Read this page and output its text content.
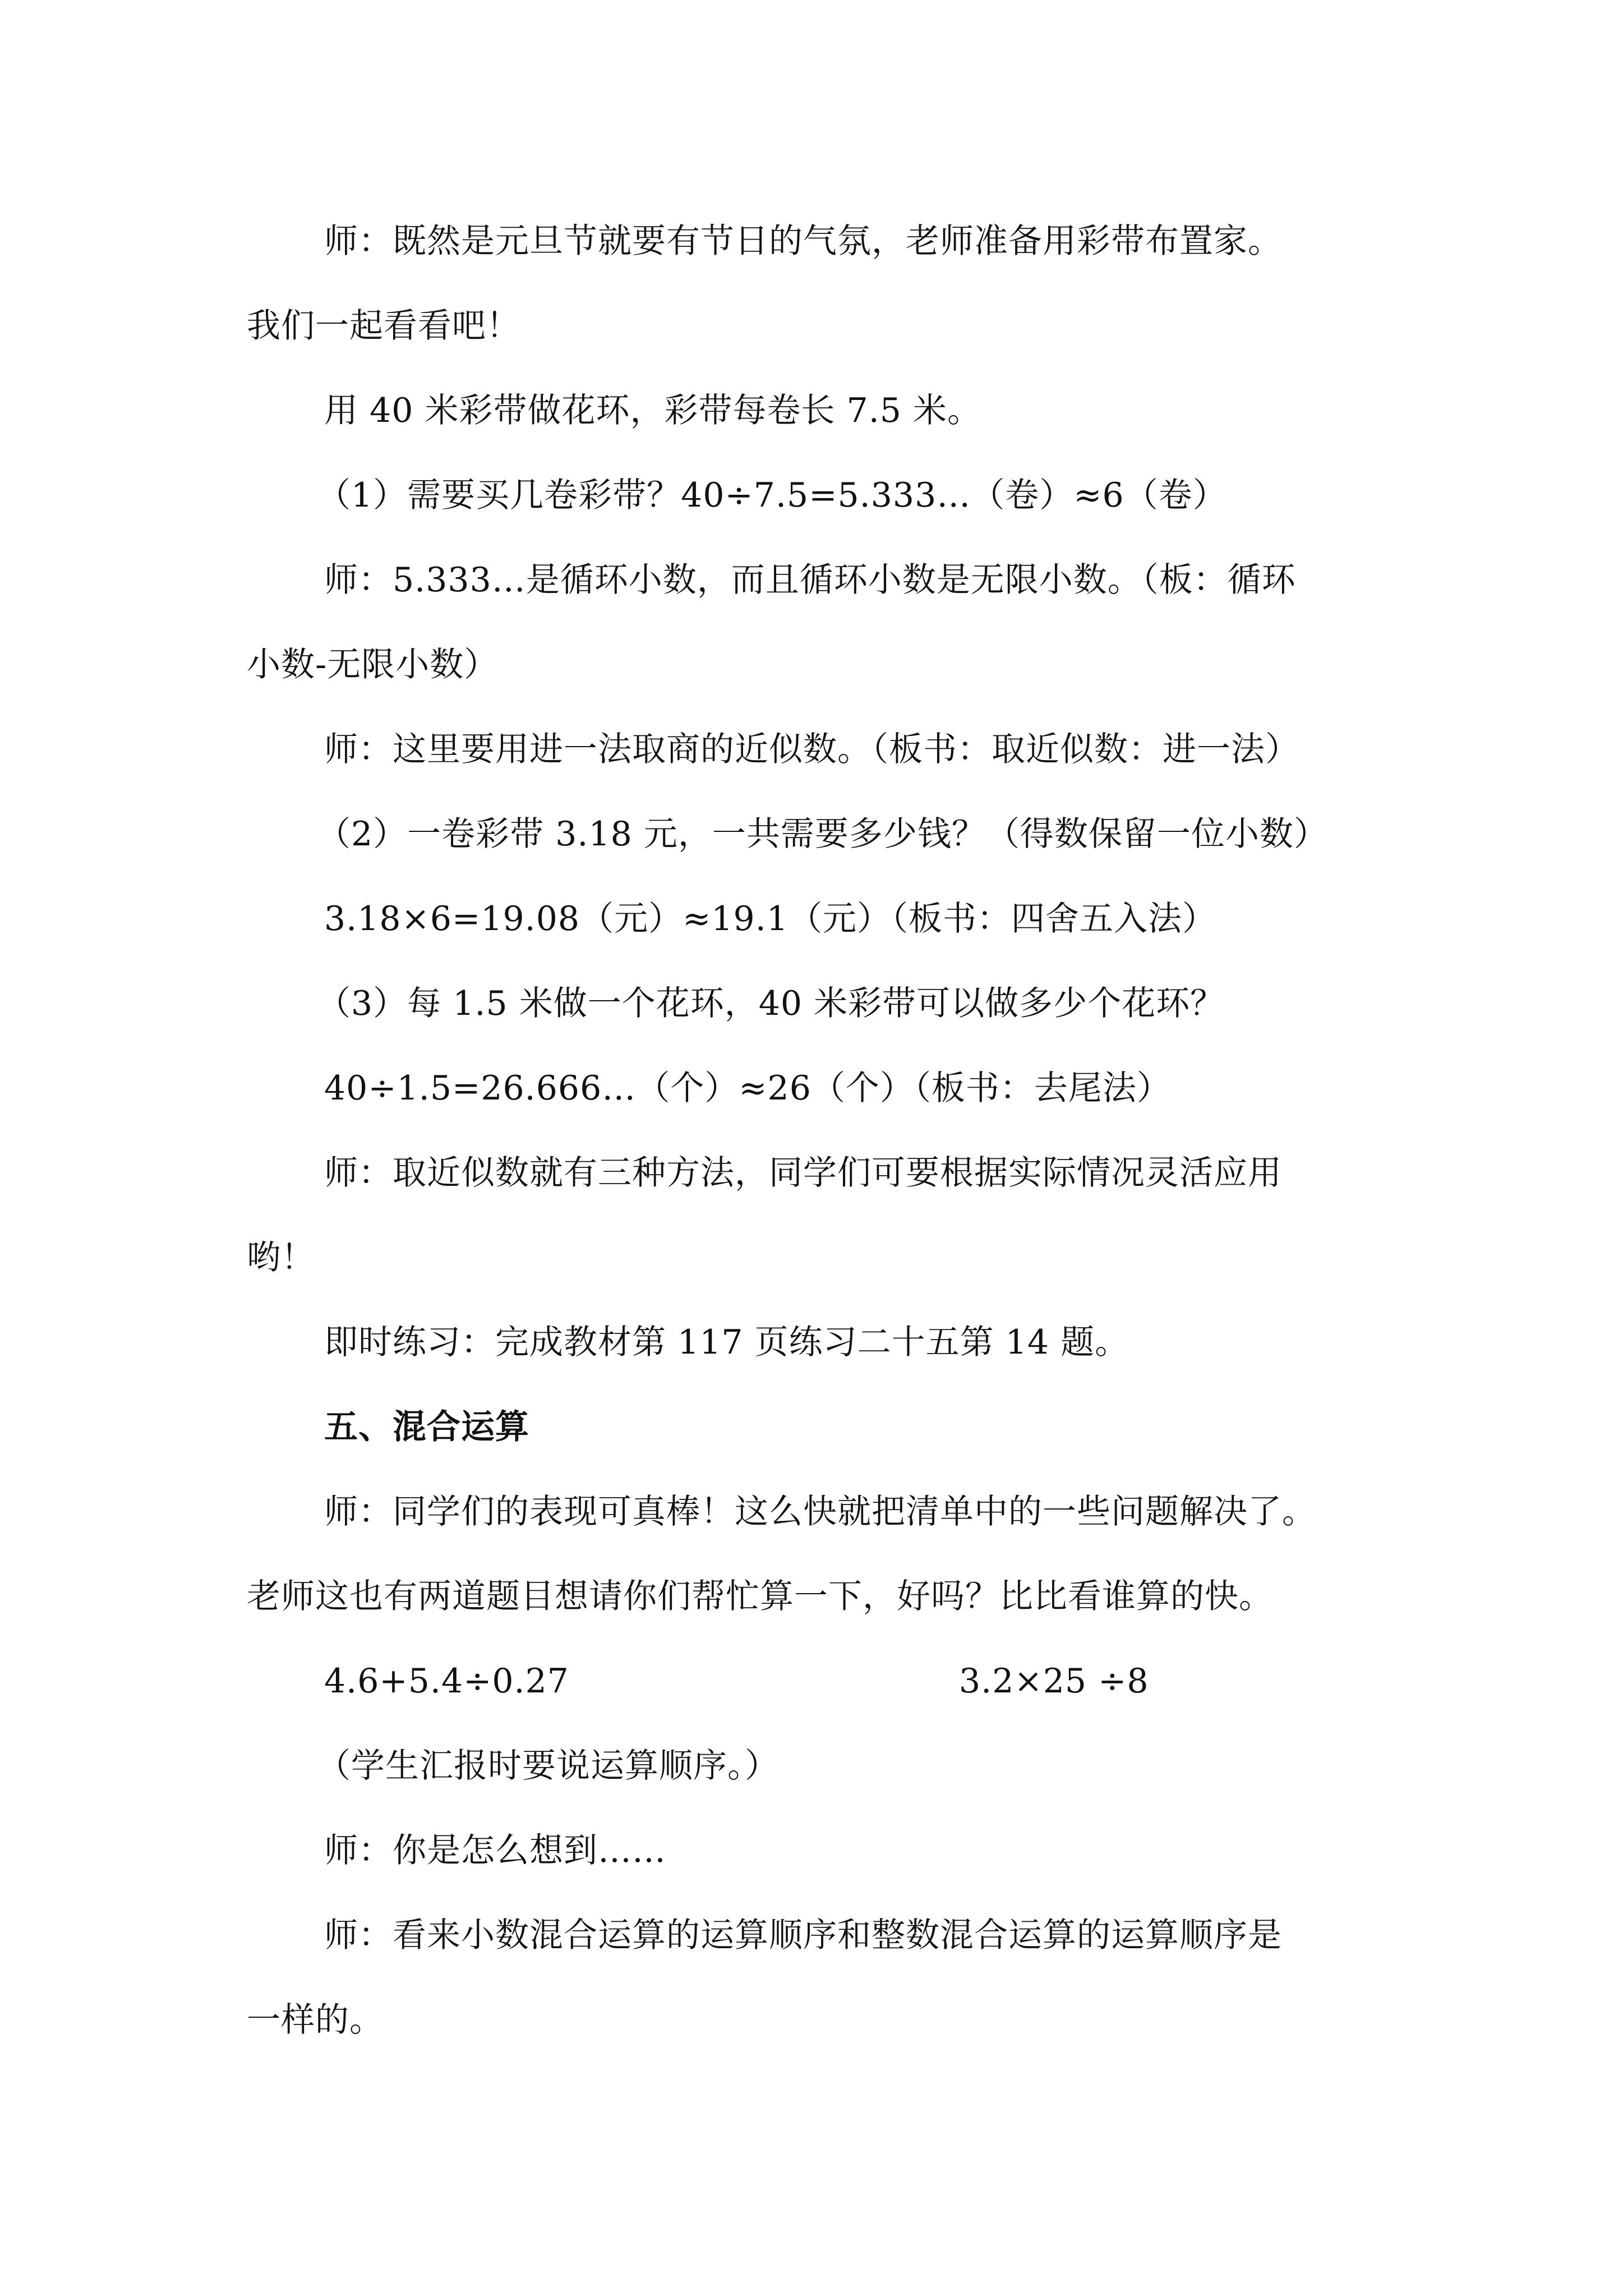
师：既然是元旦节就要有节日的气氛，老师准备用彩带布置家。
我们一起看看吧！
用 40 米彩带做花环，彩带每卷长 7.5 米。
（1）需要买几卷彩带？40÷7.5=5.333…（卷）≈6（卷）
师：5.333…是循环小数，而且循环小数是无限小数。（板：循环
小数-无限小数）
师：这里要用进一法取商的近似数。（板书：取近似数：进一法）
（2）一卷彩带 3.18 元，一共需要多少钱？（得数保留一位小数）
3.18×6=19.08（元）≈19.1（元）（板书：四舍五入法）
（3）每 1.5 米做一个花环，40 米彩带可以做多少个花环？
40÷1.5=26.666…（个）≈26（个）（板书：去尾法）
师：取近似数就有三种方法，同学们可要根据实际情况灵活应用
哟！
即时练习：完成教材第 117 页练习二十五第 14 题。
五、混合运算
师：同学们的表现可真棒！这么快就把清单中的一些问题解决了。
老师这也有两道题目想请你们帮忙算一下，好吗？比比看谁算的快。
4.6+5.4÷0.27	3.2×25 ÷8
（学生汇报时要说运算顺序。）
师：你是怎么想到……
师：看来小数混合运算的运算顺序和整数混合运算的运算顺序是
一样的。
